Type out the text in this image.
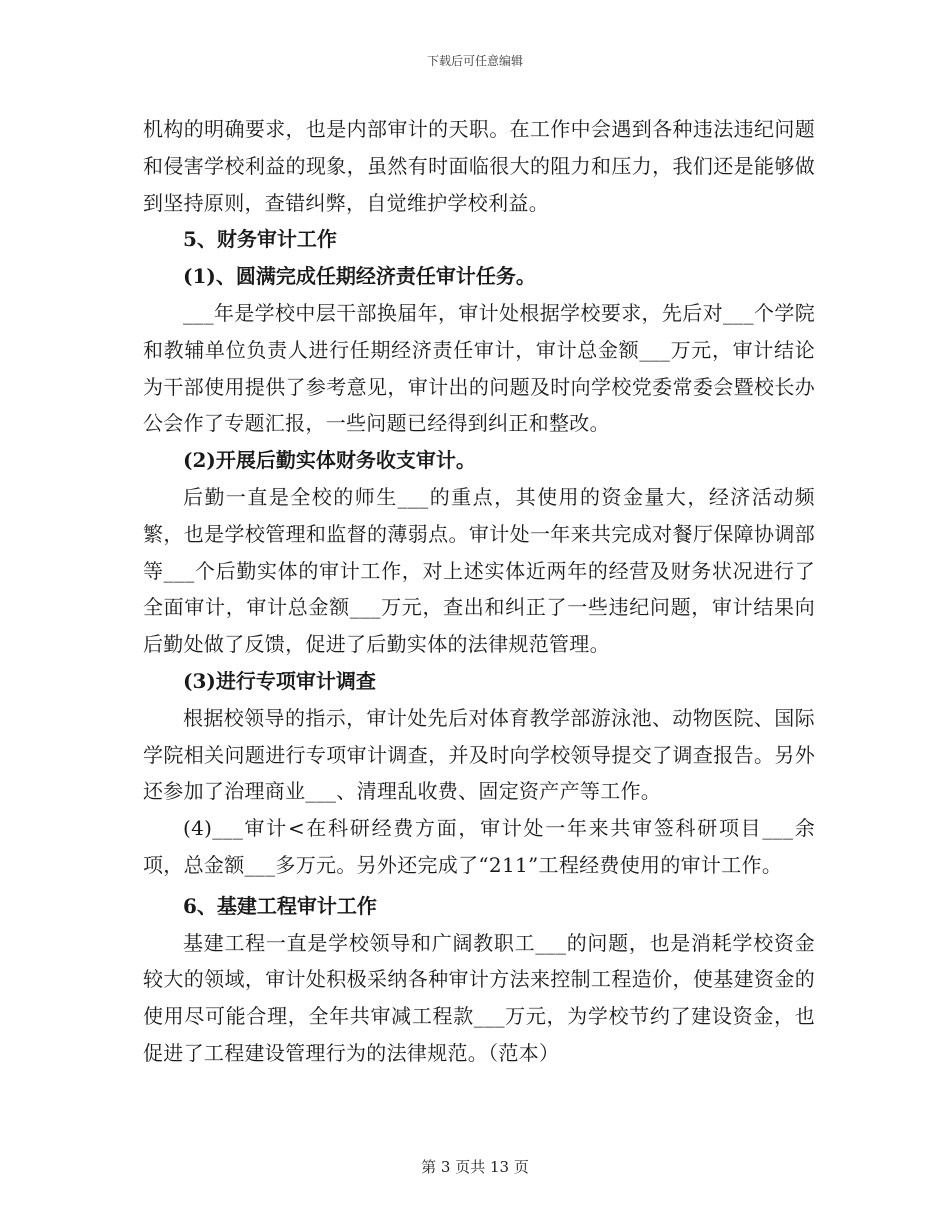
下载后可任意编辑

机构的明确要求，也是内部审计的天职。在工作中会遇到各种违法违纪问题和侵害学校利益的现象，虽然有时面临很大的阻力和压力，我们还是能够做到坚持原则，查错纠弊，自觉维护学校利益。

5、财务审计工作

(1)、圆满完成任期经济责任审计任务。

___年是学校中层干部换届年，审计处根据学校要求，先后对___个学院和教辅单位负责人进行任期经济责任审计，审计总金额___万元，审计结论为干部使用提供了参考意见，审计出的问题及时向学校党委常委会暨校长办公会作了专题汇报，一些问题已经得到纠正和整改。

(2)开展后勤实体财务收支审计。

后勤一直是全校的师生___的重点，其使用的资金量大，经济活动频繁，也是学校管理和监督的薄弱点。审计处一年来共完成对餐厅保障协调部等___个后勤实体的审计工作，对上述实体近两年的经营及财务状况进行了全面审计，审计总金额___万元，查出和纠正了一些违纪问题，审计结果向后勤处做了反馈，促进了后勤实体的法律规范管理。

(3)进行专项审计调查

根据校领导的指示，审计处先后对体育教学部游泳池、动物医院、国际学院相关问题进行专项审计调查，并及时向学校领导提交了调查报告。另外还参加了治理商业___、清理乱收费、固定资产产等工作。

(4)___审计<在科研经费方面，审计处一年来共审签科研项目___余项，总金额___多万元。另外还完成了“211”工程经费使用的审计工作。

6、基建工程审计工作

基建工程一直是学校领导和广阔教职工___的问题，也是消耗学校资金较大的领域，审计处积极采纳各种审计方法来控制工程造价，使基建资金的使用尽可能合理，全年共审减工程款___万元，为学校节约了建设资金，也促进了工程建设管理行为的法律规范。（范本）

第 3 页共 13 页
